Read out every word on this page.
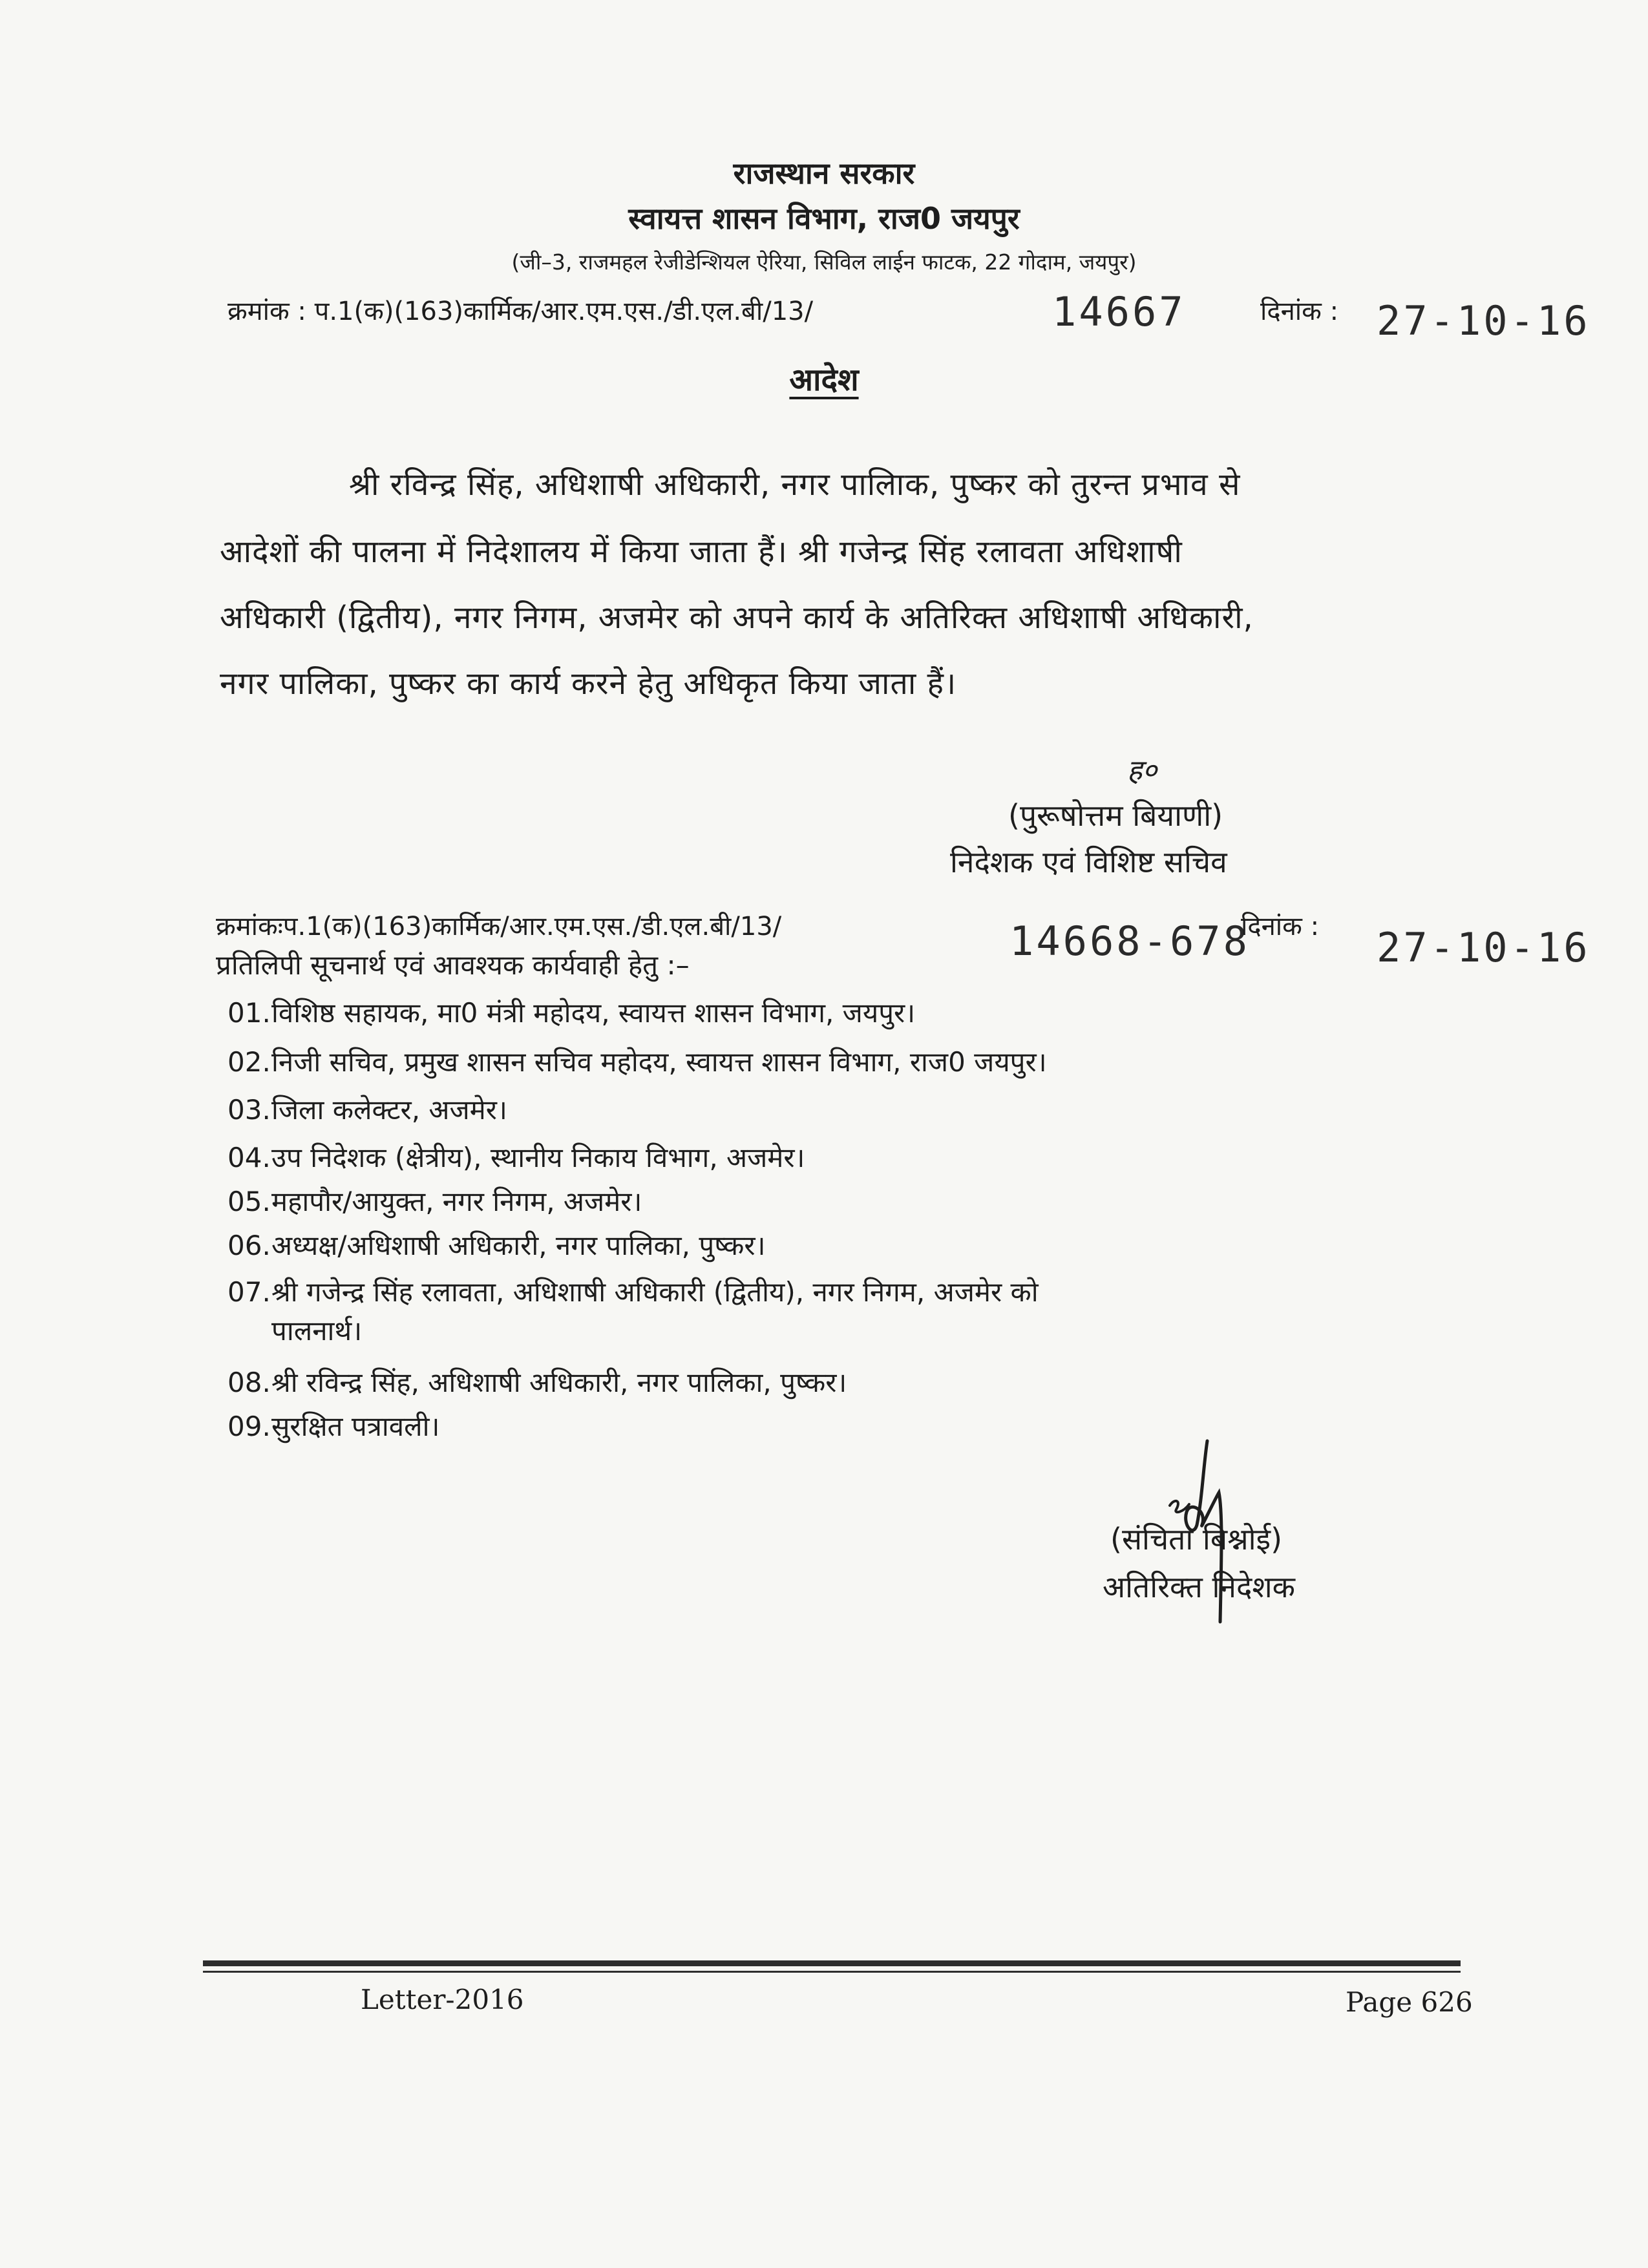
राजस्थान सरकार
स्वायत्त शासन विभाग, राज0 जयपुर
(जी–3, राजमहल रेजीडेन्शियल ऐरिया, सिविल लाईन फाटक, 22 गोदाम, जयपुर)
क्रमांक : प.1(क)(163)कार्मिक/आर.एम.एस./डी.एल.बी/13/	14667	दिनांक : 27-10-16
आदेश
श्री रविन्द्र सिंह, अधिशाषी अधिकारी, नगर पालिाक, पुष्कर को तुरन्त प्रभाव से
आदेशों की पालना में निदेशालय में किया जाता हैं। श्री गजेन्द्र सिंह रलावता अधिशाषी
अधिकारी (द्वितीय), नगर निगम, अजमेर को अपने कार्य के अतिरिक्त अधिशाषी अधिकारी,
नगर पालिका, पुष्कर का कार्य करने हेतु अधिकृत किया जाता हैं।
ह०
(पुरूषोत्तम बियाणी)
निदेशक एवं विशिष्ट सचिव
क्रमांकःप.1(क)(163)कार्मिक/आर.एम.एस./डी.एल.बी/13/	14668-678
दिनांक : 27-10-16
प्रतिलिपी सूचनार्थ एवं आवश्यक कार्यवाही हेतु :–
01.विशिष्ठ सहायक, मा0 मंत्री महोदय, स्वायत्त शासन विभाग, जयपुर।
02.निजी सचिव, प्रमुख शासन सचिव महोदय, स्वायत्त शासन विभाग, राज0 जयपुर।
03.जिला कलेक्टर, अजमेर।
04.उप निदेशक (क्षेत्रीय), स्थानीय निकाय विभाग, अजमेर।
05.महापौर/आयुक्त, नगर निगम, अजमेर।
06.अध्यक्ष/अधिशाषी अधिकारी, नगर पालिका, पुष्कर।
07.श्री गजेन्द्र सिंह रलावता, अधिशाषी अधिकारी (द्वितीय), नगर निगम, अजमेर को
पालनार्थ।
08.श्री रविन्द्र सिंह, अधिशाषी अधिकारी, नगर पालिका, पुष्कर।
09.सुरक्षित पत्रावली।
(संचिता बिश्नोई)
अतिरिक्त निदेशक
Letter-2016	Page 626
